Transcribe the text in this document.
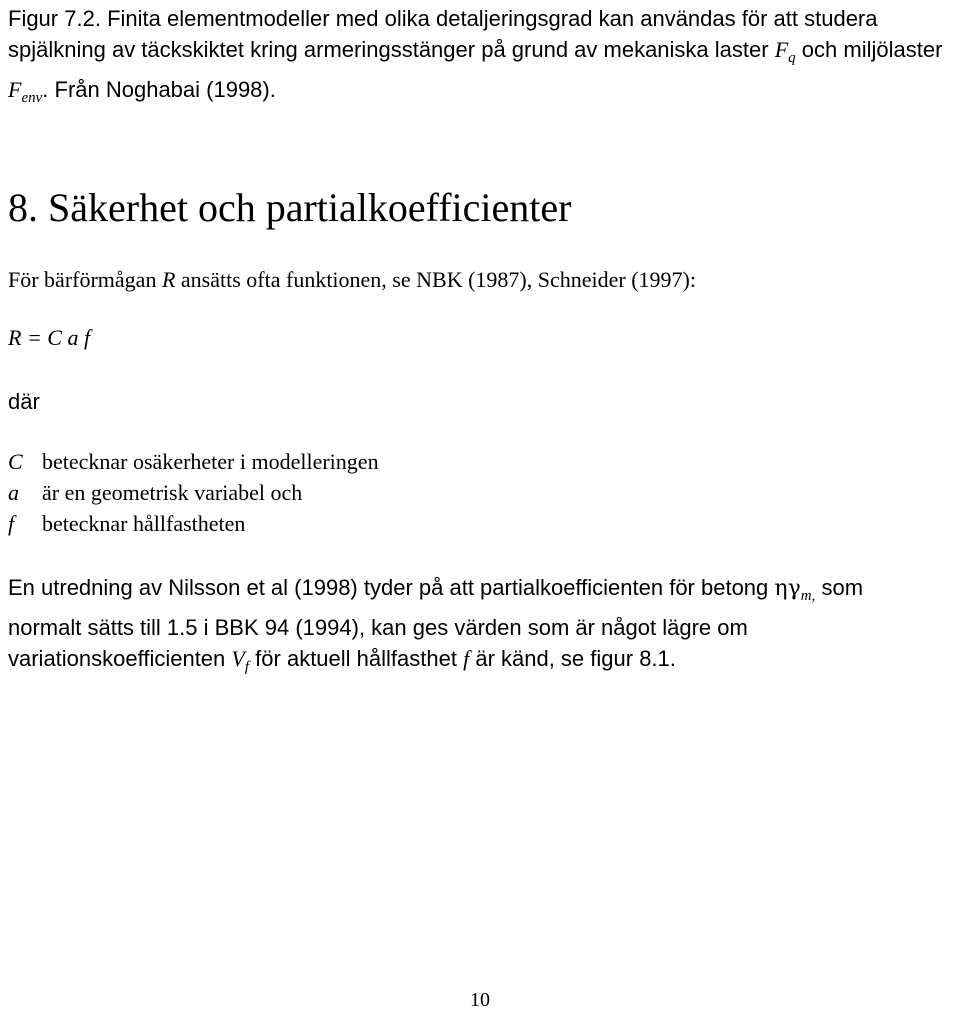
Figur 7.2. Finita elementmodeller med olika detaljeringsgrad kan användas för att studera spjälkning av täckskiktet kring armeringsstänger på grund av mekaniska laster $F_q$ och miljölaster $F_{env}$. Från Noghabai (1998).

8. Säkerhet och partialkoefficienter

För bärförmågan R ansätts ofta funktionen, se NBK (1987), Schneider (1997):

R = C a f

där

C betecknar osäkerheter i modelleringen
a är en geometrisk variabel och
f betecknar hållfastheten
En utredning av Nilsson et al (1998) tyder på att partialkoefficienten för betong $\eta\gamma_{m,}$ som
normalt sätts till 1.5 i BBK 94 (1994), kan ges värden som är något lägre om
variationskoefficienten $V_f$ för aktuell hållfasthet f är känd, se figur 8.1.

10
